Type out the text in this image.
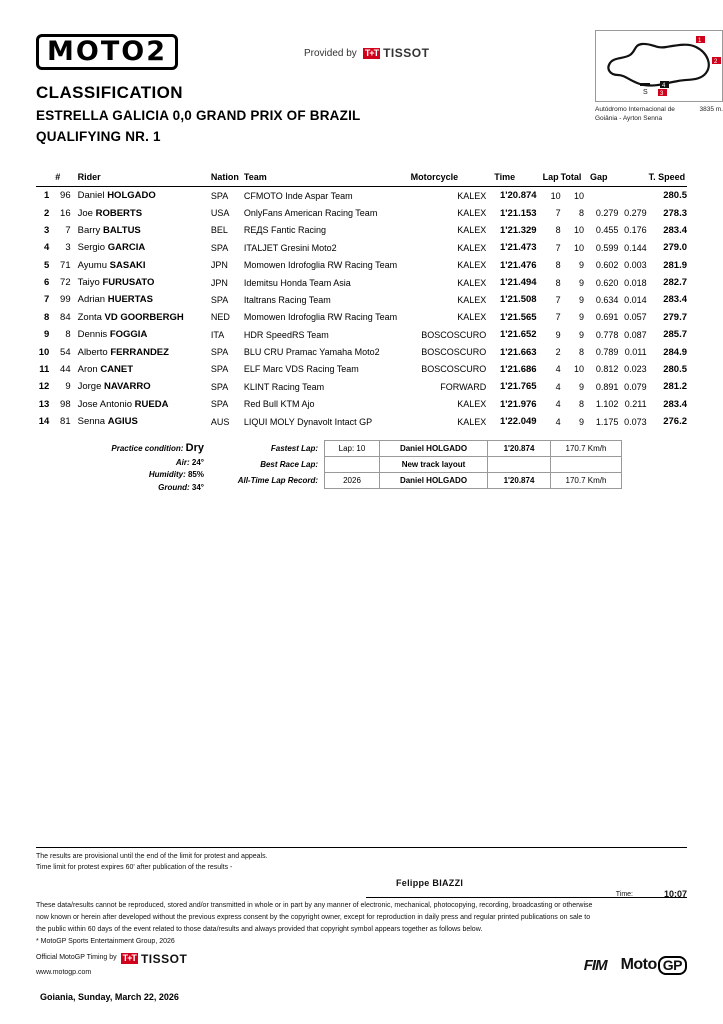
MOTO2	Provided by T+T TISSOT
CLASSIFICATION
ESTRELLA GALICIA 0,0 GRAND PRIX OF BRAZIL
QUALIFYING NR. 1
S
1
2
3
4
Autódromo Internacional de Goiânia - Ayrton Senna
3835 m.
	#	Rider	Nation	Team	Motorcycle	Time	Lap	Total	Gap		T. Speed
1	96	Daniel HOLGADO	SPA	CFMOTO Inde Aspar Team	KALEX	1'20.874	10	10			280.5
2	16	Joe ROBERTS	USA	OnlyFans American Racing Team	KALEX	1'21.153	7	8	0.279	0.279	278.3
3	7	Barry BALTUS	BEL	REДS Fantic Racing	KALEX	1'21.329	8	10	0.455	0.176	283.4
4	3	Sergio GARCIA	SPA	ITALJET Gresini Moto2	KALEX	1'21.473	7	10	0.599	0.144	279.0
5	71	Ayumu SASAKI	JPN	Momowen Idrofoglia RW Racing Team	KALEX	1'21.476	8	9	0.602	0.003	281.9
6	72	Taiyo FURUSATO	JPN	Idemitsu Honda Team Asia	KALEX	1'21.494	8	9	0.620	0.018	282.7
7	99	Adrian HUERTAS	SPA	Italtrans Racing Team	KALEX	1'21.508	7	9	0.634	0.014	283.4
8	84	Zonta VD GOORBERGH	NED	Momowen Idrofoglia RW Racing Team	KALEX	1'21.565	7	9	0.691	0.057	279.7
9	8	Dennis FOGGIA	ITA	HDR SpeedRS Team	BOSCOSCURO	1'21.652	9	9	0.778	0.087	285.7
10	54	Alberto FERRANDEZ	SPA	BLU CRU Pramac Yamaha Moto2	BOSCOSCURO	1'21.663	2	8	0.789	0.011	284.9
11	44	Aron CANET	SPA	ELF Marc VDS Racing Team	BOSCOSCURO	1'21.686	4	10	0.812	0.023	280.5
12	9	Jorge NAVARRO	SPA	KLINT Racing Team	FORWARD	1'21.765	4	9	0.891	0.079	281.2
13	98	Jose Antonio RUEDA	SPA	Red Bull KTM Ajo	KALEX	1'21.976	4	8	1.102	0.211	283.4
14	81	Senna AGIUS	AUS	LIQUI MOLY Dynavolt Intact GP	KALEX	1'22.049	4	9	1.175	0.073	276.2
Practice condition: Dry
Air: 24°
Humidity: 85%
Ground: 34°
Fastest Lap:	Lap: 10	Daniel HOLGADO	1'20.874	170.7 Km/h
Best Race Lap:		New track layout		
All-Time Lap Record:	2026	Daniel HOLGADO	1'20.874	170.7 Km/h

The results are provisional until the end of the limit for protest and appeals.

Time limit for protest expires 60' after publication of the results -

Felippe BIAZZI
Time:	10:07

These data/results cannot be reproduced, stored and/or transmitted in whole or in part by any manner of electronic, mechanical, photocopying, recording, broadcasting or otherwise

now known or herein after developed without the previous express consent by the copyright owner, except for reproduction in daily press and regular printed publications on sale to

the public within 60 days of the event related to those data/results and always provided that copyright symbol appears together as follows below.

* MotoGP Sports Entertainment Group, 2026

Official MotoGP Timing by T+T TISSOT

www.motogp.com	FIM Moto GP
Goiania, Sunday, March 22, 2026
